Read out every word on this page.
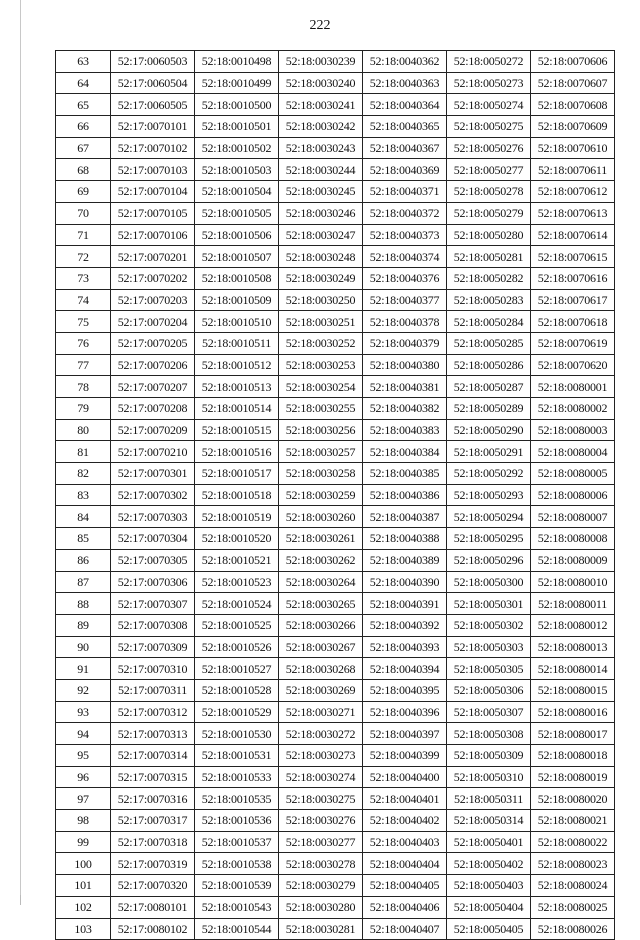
222
63	52:17:0060503	52:18:0010498	52:18:0030239	52:18:0040362	52:18:0050272	52:18:0070606
64	52:17:0060504	52:18:0010499	52:18:0030240	52:18:0040363	52:18:0050273	52:18:0070607
65	52:17:0060505	52:18:0010500	52:18:0030241	52:18:0040364	52:18:0050274	52:18:0070608
66	52:17:0070101	52:18:0010501	52:18:0030242	52:18:0040365	52:18:0050275	52:18:0070609
67	52:17:0070102	52:18:0010502	52:18:0030243	52:18:0040367	52:18:0050276	52:18:0070610
68	52:17:0070103	52:18:0010503	52:18:0030244	52:18:0040369	52:18:0050277	52:18:0070611
69	52:17:0070104	52:18:0010504	52:18:0030245	52:18:0040371	52:18:0050278	52:18:0070612
70	52:17:0070105	52:18:0010505	52:18:0030246	52:18:0040372	52:18:0050279	52:18:0070613
71	52:17:0070106	52:18:0010506	52:18:0030247	52:18:0040373	52:18:0050280	52:18:0070614
72	52:17:0070201	52:18:0010507	52:18:0030248	52:18:0040374	52:18:0050281	52:18:0070615
73	52:17:0070202	52:18:0010508	52:18:0030249	52:18:0040376	52:18:0050282	52:18:0070616
74	52:17:0070203	52:18:0010509	52:18:0030250	52:18:0040377	52:18:0050283	52:18:0070617
75	52:17:0070204	52:18:0010510	52:18:0030251	52:18:0040378	52:18:0050284	52:18:0070618
76	52:17:0070205	52:18:0010511	52:18:0030252	52:18:0040379	52:18:0050285	52:18:0070619
77	52:17:0070206	52:18:0010512	52:18:0030253	52:18:0040380	52:18:0050286	52:18:0070620
78	52:17:0070207	52:18:0010513	52:18:0030254	52:18:0040381	52:18:0050287	52:18:0080001
79	52:17:0070208	52:18:0010514	52:18:0030255	52:18:0040382	52:18:0050289	52:18:0080002
80	52:17:0070209	52:18:0010515	52:18:0030256	52:18:0040383	52:18:0050290	52:18:0080003
81	52:17:0070210	52:18:0010516	52:18:0030257	52:18:0040384	52:18:0050291	52:18:0080004
82	52:17:0070301	52:18:0010517	52:18:0030258	52:18:0040385	52:18:0050292	52:18:0080005
83	52:17:0070302	52:18:0010518	52:18:0030259	52:18:0040386	52:18:0050293	52:18:0080006
84	52:17:0070303	52:18:0010519	52:18:0030260	52:18:0040387	52:18:0050294	52:18:0080007
85	52:17:0070304	52:18:0010520	52:18:0030261	52:18:0040388	52:18:0050295	52:18:0080008
86	52:17:0070305	52:18:0010521	52:18:0030262	52:18:0040389	52:18:0050296	52:18:0080009
87	52:17:0070306	52:18:0010523	52:18:0030264	52:18:0040390	52:18:0050300	52:18:0080010
88	52:17:0070307	52:18:0010524	52:18:0030265	52:18:0040391	52:18:0050301	52:18:0080011
89	52:17:0070308	52:18:0010525	52:18:0030266	52:18:0040392	52:18:0050302	52:18:0080012
90	52:17:0070309	52:18:0010526	52:18:0030267	52:18:0040393	52:18:0050303	52:18:0080013
91	52:17:0070310	52:18:0010527	52:18:0030268	52:18:0040394	52:18:0050305	52:18:0080014
92	52:17:0070311	52:18:0010528	52:18:0030269	52:18:0040395	52:18:0050306	52:18:0080015
93	52:17:0070312	52:18:0010529	52:18:0030271	52:18:0040396	52:18:0050307	52:18:0080016
94	52:17:0070313	52:18:0010530	52:18:0030272	52:18:0040397	52:18:0050308	52:18:0080017
95	52:17:0070314	52:18:0010531	52:18:0030273	52:18:0040399	52:18:0050309	52:18:0080018
96	52:17:0070315	52:18:0010533	52:18:0030274	52:18:0040400	52:18:0050310	52:18:0080019
97	52:17:0070316	52:18:0010535	52:18:0030275	52:18:0040401	52:18:0050311	52:18:0080020
98	52:17:0070317	52:18:0010536	52:18:0030276	52:18:0040402	52:18:0050314	52:18:0080021
99	52:17:0070318	52:18:0010537	52:18:0030277	52:18:0040403	52:18:0050401	52:18:0080022
100	52:17:0070319	52:18:0010538	52:18:0030278	52:18:0040404	52:18:0050402	52:18:0080023
101	52:17:0070320	52:18:0010539	52:18:0030279	52:18:0040405	52:18:0050403	52:18:0080024
102	52:17:0080101	52:18:0010543	52:18:0030280	52:18:0040406	52:18:0050404	52:18:0080025
103	52:17:0080102	52:18:0010544	52:18:0030281	52:18:0040407	52:18:0050405	52:18:0080026
